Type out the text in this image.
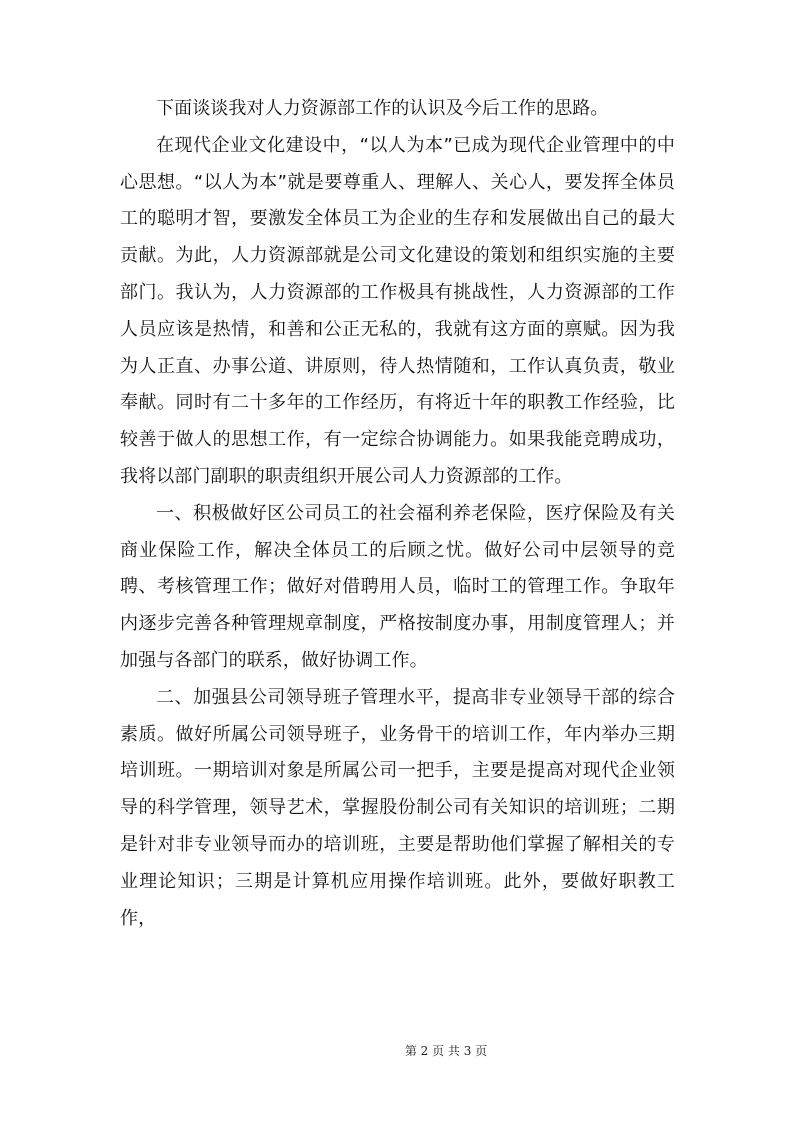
下面谈谈我对人力资源部工作的认识及今后工作的思路。

在现代企业文化建设中，“以人为本”已成为现代企业管理中的中心思想。“以人为本”就是要尊重人、理解人、关心人，要发挥全体员工的聪明才智，要激发全体员工为企业的生存和发展做出自己的最大贡献。为此，人力资源部就是公司文化建设的策划和组织实施的主要部门。我认为，人力资源部的工作极具有挑战性，人力资源部的工作人员应该是热情，和善和公正无私的，我就有这方面的禀赋。因为我为人正直、办事公道、讲原则，待人热情随和，工作认真负责，敬业奉献。同时有二十多年的工作经历，有将近十年的职教工作经验，比较善于做人的思想工作，有一定综合协调能力。如果我能竞聘成功，我将以部门副职的职责组织开展公司人力资源部的工作。

一、积极做好区公司员工的社会福利养老保险，医疗保险及有关商业保险工作，解决全体员工的后顾之忧。做好公司中层领导的竞聘、考核管理工作；做好对借聘用人员，临时工的管理工作。争取年内逐步完善各种管理规章制度，严格按制度办事，用制度管理人；并加强与各部门的联系，做好协调工作。

二、加强县公司领导班子管理水平，提高非专业领导干部的综合素质。做好所属公司领导班子，业务骨干的培训工作，年内举办三期培训班。一期培训对象是所属公司一把手，主要是提高对现代企业领导的科学管理，领导艺术，掌握股份制公司有关知识的培训班；二期是针对非专业领导而办的培训班，主要是帮助他们掌握了解相关的专业理论知识；三期是计算机应用操作培训班。此外，要做好职教工作，

第 2 页 共 3 页
